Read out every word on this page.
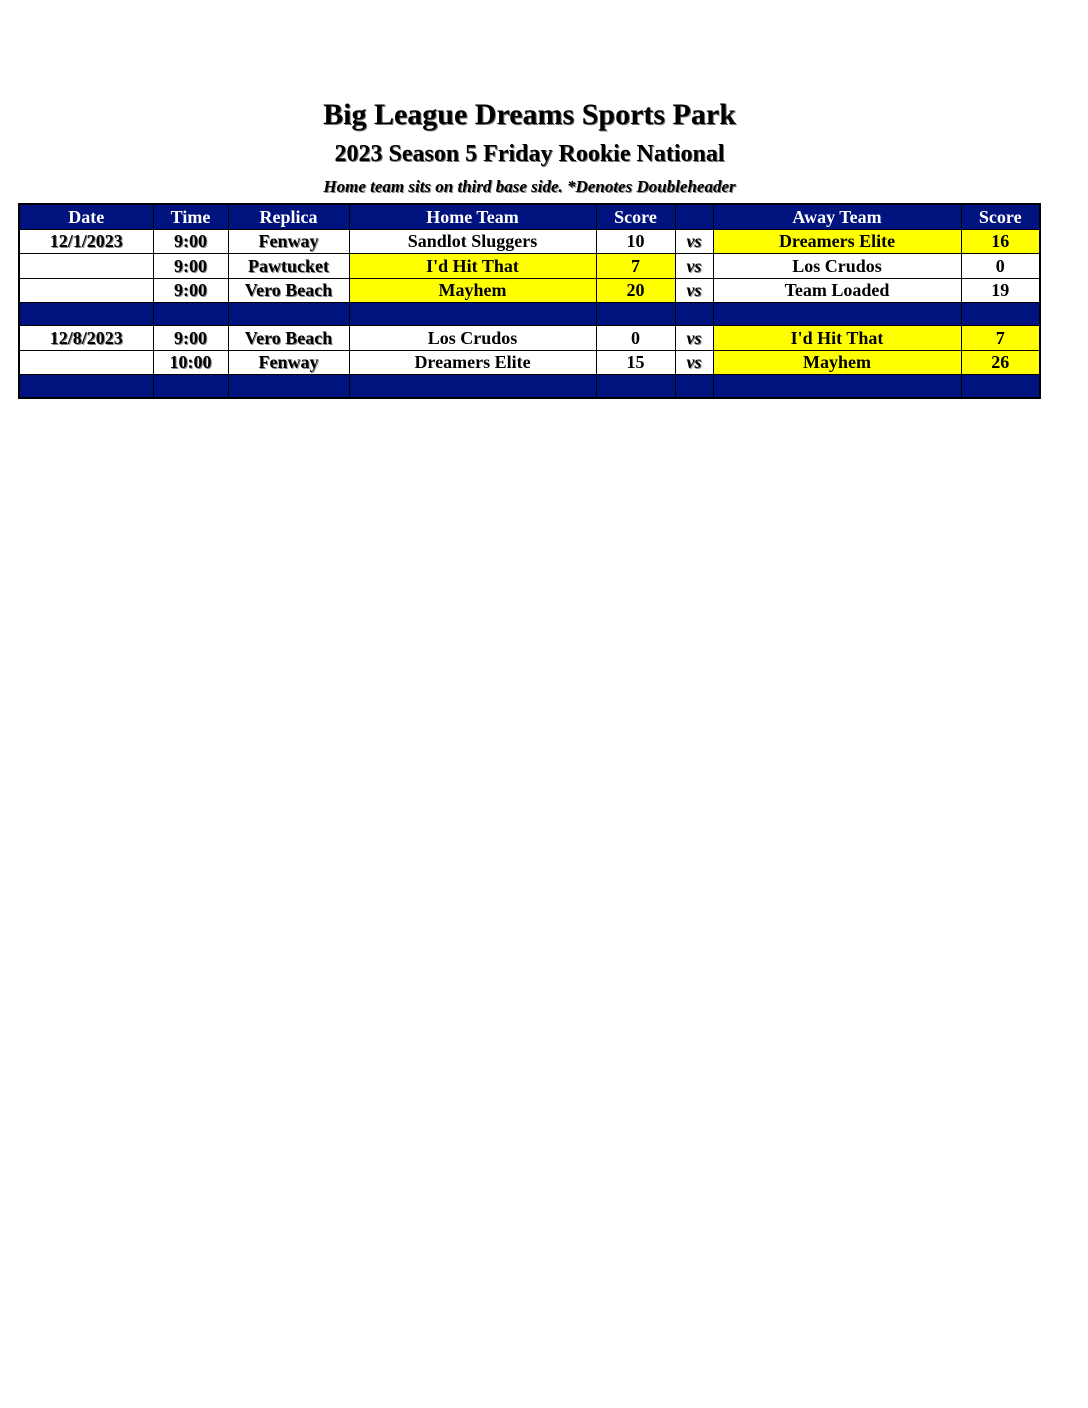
Big League Dreams Sports Park
2023 Season 5 Friday Rookie National
Home team sits on third base side. *Denotes Doubleheader
Date	Time	Replica	Home Team	Score		Away Team	Score
12/1/2023	9:00	Fenway	Sandlot Sluggers	10	vs	Dreamers Elite	16
	9:00	Pawtucket	I'd Hit That	7	vs	Los Crudos	0
	9:00	Vero Beach	Mayhem	20	vs	Team Loaded	19

12/8/2023	9:00	Vero Beach	Los Crudos	0	vs	I'd Hit That	7
	10:00	Fenway	Dreamers Elite	15	vs	Mayhem	26
